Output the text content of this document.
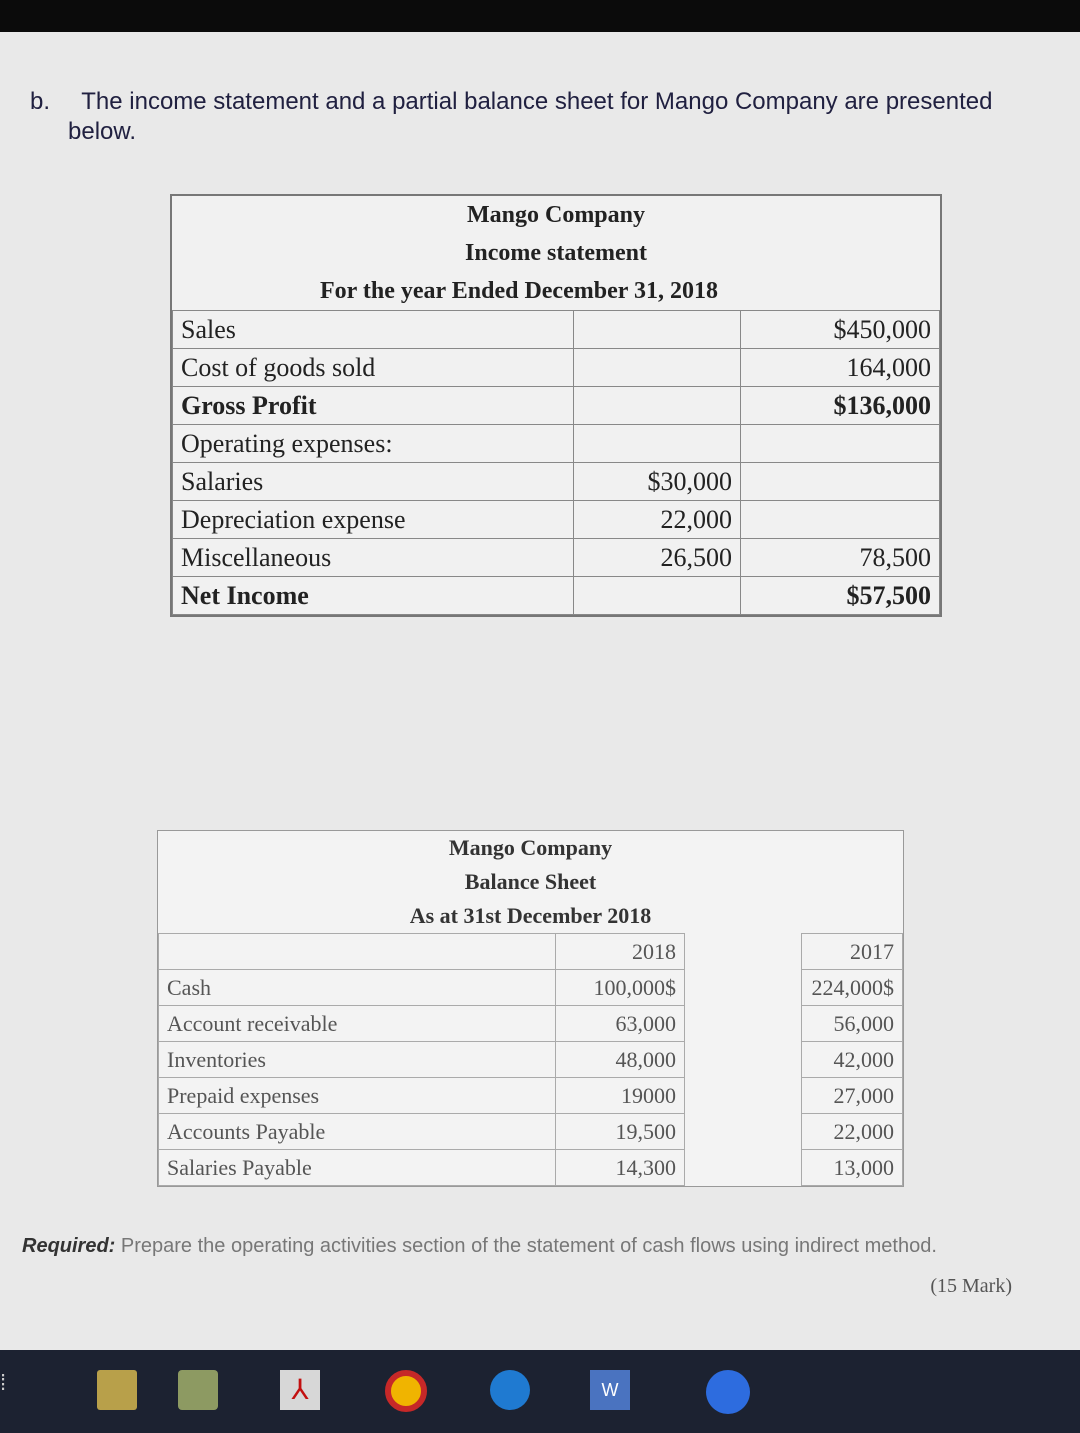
b. The income statement and a partial balance sheet for Mango Company are presented
below.
Mango Company
Income statement
For the year Ended December 31, 2018
Sales		$450,000
Cost of goods sold		164,000
Gross Profit		$136,000
Operating expenses:		
Salaries	$30,000	
Depreciation expense	22,000	
Miscellaneous	26,500	78,500
Net Income		$57,500
Mango Company
Balance Sheet
As at 31st December 2018
	2018		2017
Cash	100,000$		224,000$
Account receivable	63,000		56,000
Inventories	48,000		42,000
Prepaid expenses	19000		27,000
Accounts Payable	19,500		22,000
Salaries Payable	14,300		13,000
Required: Prepare the operating activities section of the statement of cash flows using indirect method.
(15 Mark)
⁞	⅄	W
